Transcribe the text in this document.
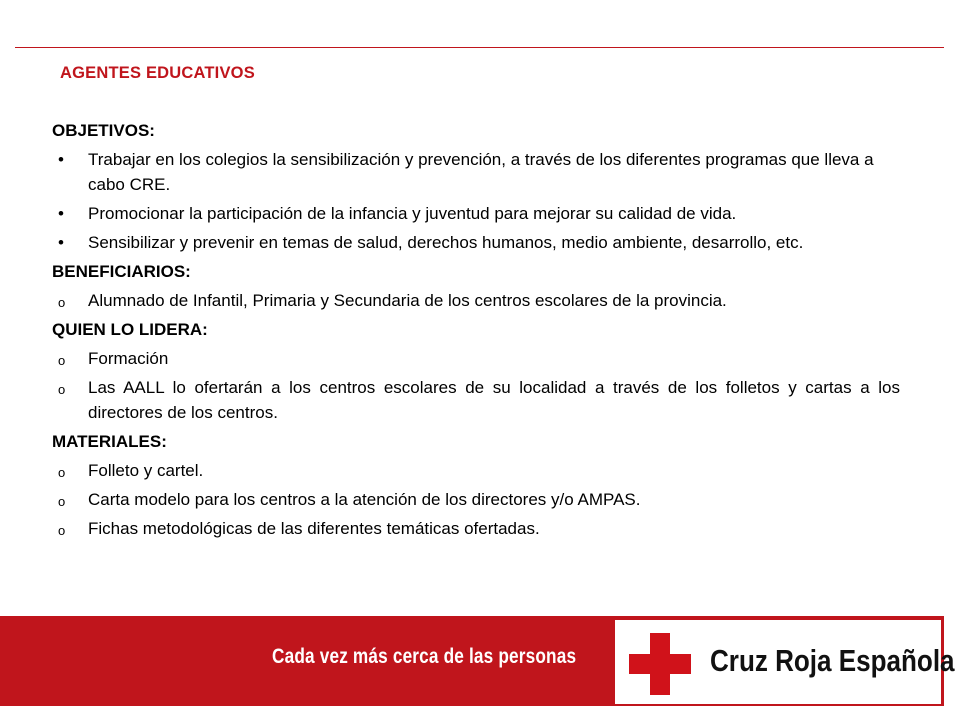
AGENTES EDUCATIVOS
OBJETIVOS:
• Trabajar en los colegios la sensibilización y prevención, a través de los diferentes programas que lleva a cabo CRE.
• Promocionar la participación de la infancia y juventud para mejorar su calidad de vida.
• Sensibilizar y prevenir en temas de salud, derechos humanos, medio ambiente, desarrollo, etc.
BENEFICIARIOS:
o Alumnado de Infantil, Primaria y Secundaria de los centros escolares de la provincia.
QUIEN LO LIDERA:
o Formación
o Las AALL lo ofertarán a los centros escolares de su localidad a través de los folletos y cartas a los directores de los centros.
MATERIALES:
o Folleto y cartel.
o Carta modelo para los centros a la atención de los directores y/o AMPAS.
o Fichas metodológicas de las diferentes temáticas ofertadas.
Cada vez más cerca de las personas	Cruz Roja Española
